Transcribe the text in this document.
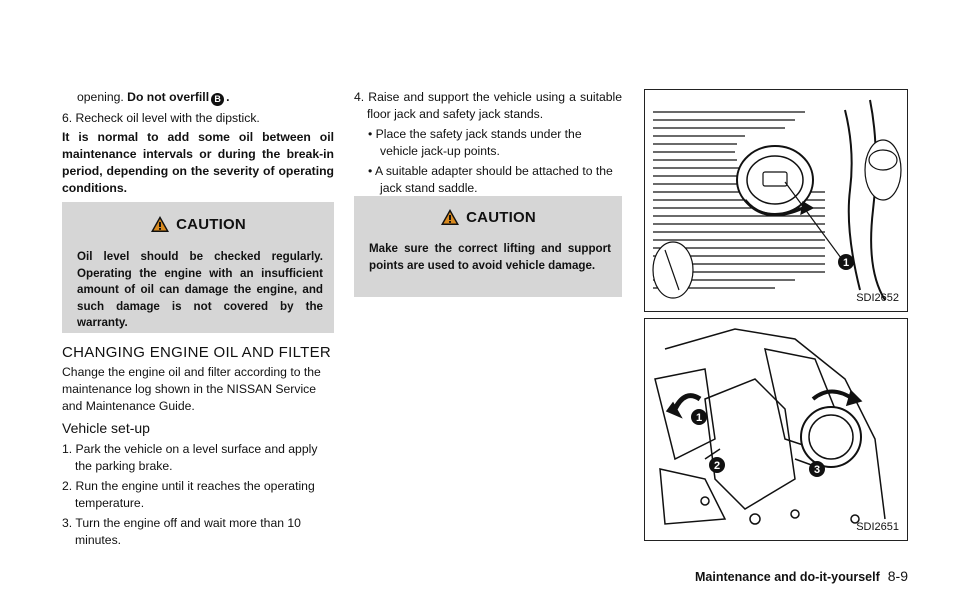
opening. Do not overfill B .

6. Recheck oil level with the dipstick.

It is normal to add some oil between oil maintenance intervals or during the break-in period, depending on the severity of operating conditions.

CAUTION

Oil level should be checked regularly. Operating the engine with an insufficient amount of oil can damage the engine, and such damage is not covered by the warranty.

CHANGING ENGINE OIL AND FILTER

Change the engine oil and filter according to the maintenance log shown in the NISSAN Service and Maintenance Guide.

Vehicle set-up

1. Park the vehicle on a level surface and apply the parking brake.

2. Run the engine until it reaches the operating temperature.

3. Turn the engine off and wait more than 10 minutes.

4. Raise and support the vehicle using a suitable floor jack and safety jack stands.

• Place the safety jack stands under the vehicle jack-up points.

• A suitable adapter should be attached to the jack stand saddle.

CAUTION

Make sure the correct lifting and support points are used to avoid vehicle damage.	1
SDI2652
1
2	3
SDI2651
Maintenance and do-it-yourself 8-9
